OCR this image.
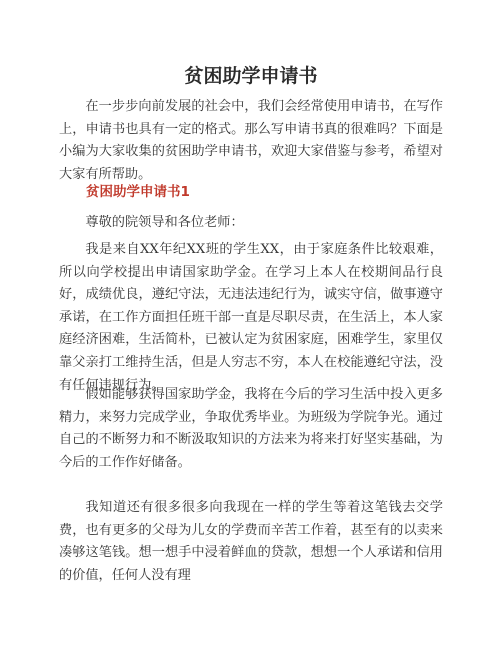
贫困助学申请书

在一步步向前发展的社会中，我们会经常使用申请书，在写作上，申请书也具有一定的格式。那么写申请书真的很难吗？下面是小编为大家收集的贫困助学申请书，欢迎大家借鉴与参考，希望对大家有所帮助。

贫困助学申请书1

尊敬的院领导和各位老师：

我是来自XX年纪XX班的学生XX，由于家庭条件比较艰难，所以向学校提出申请国家助学金。在学习上本人在校期间品行良好，成绩优良，遵纪守法，无违法违纪行为，诚实守信，做事遵守承诺，在工作方面担任班干部一直是尽职尽责，在生活上，本人家庭经济困难，生活简朴，已被认定为贫困家庭，困难学生，家里仅靠父亲打工维持生活，但是人穷志不穷，本人在校能遵纪守法，没有任何违规行为。

假如能够获得国家助学金，我将在今后的学习生活中投入更多精力，来努力完成学业，争取优秀毕业。为班级为学院争光。通过自己的不断努力和不断汲取知识的方法来为将来打好坚实基础，为今后的工作作好储备。

我知道还有很多很多向我现在一样的学生等着这笔钱去交学费，也有更多的父母为儿女的学费而辛苦工作着，甚至有的以卖来凑够这笔钱。想一想手中浸着鲜血的贷款，想想一个人承诺和信用的价值，任何人没有理
